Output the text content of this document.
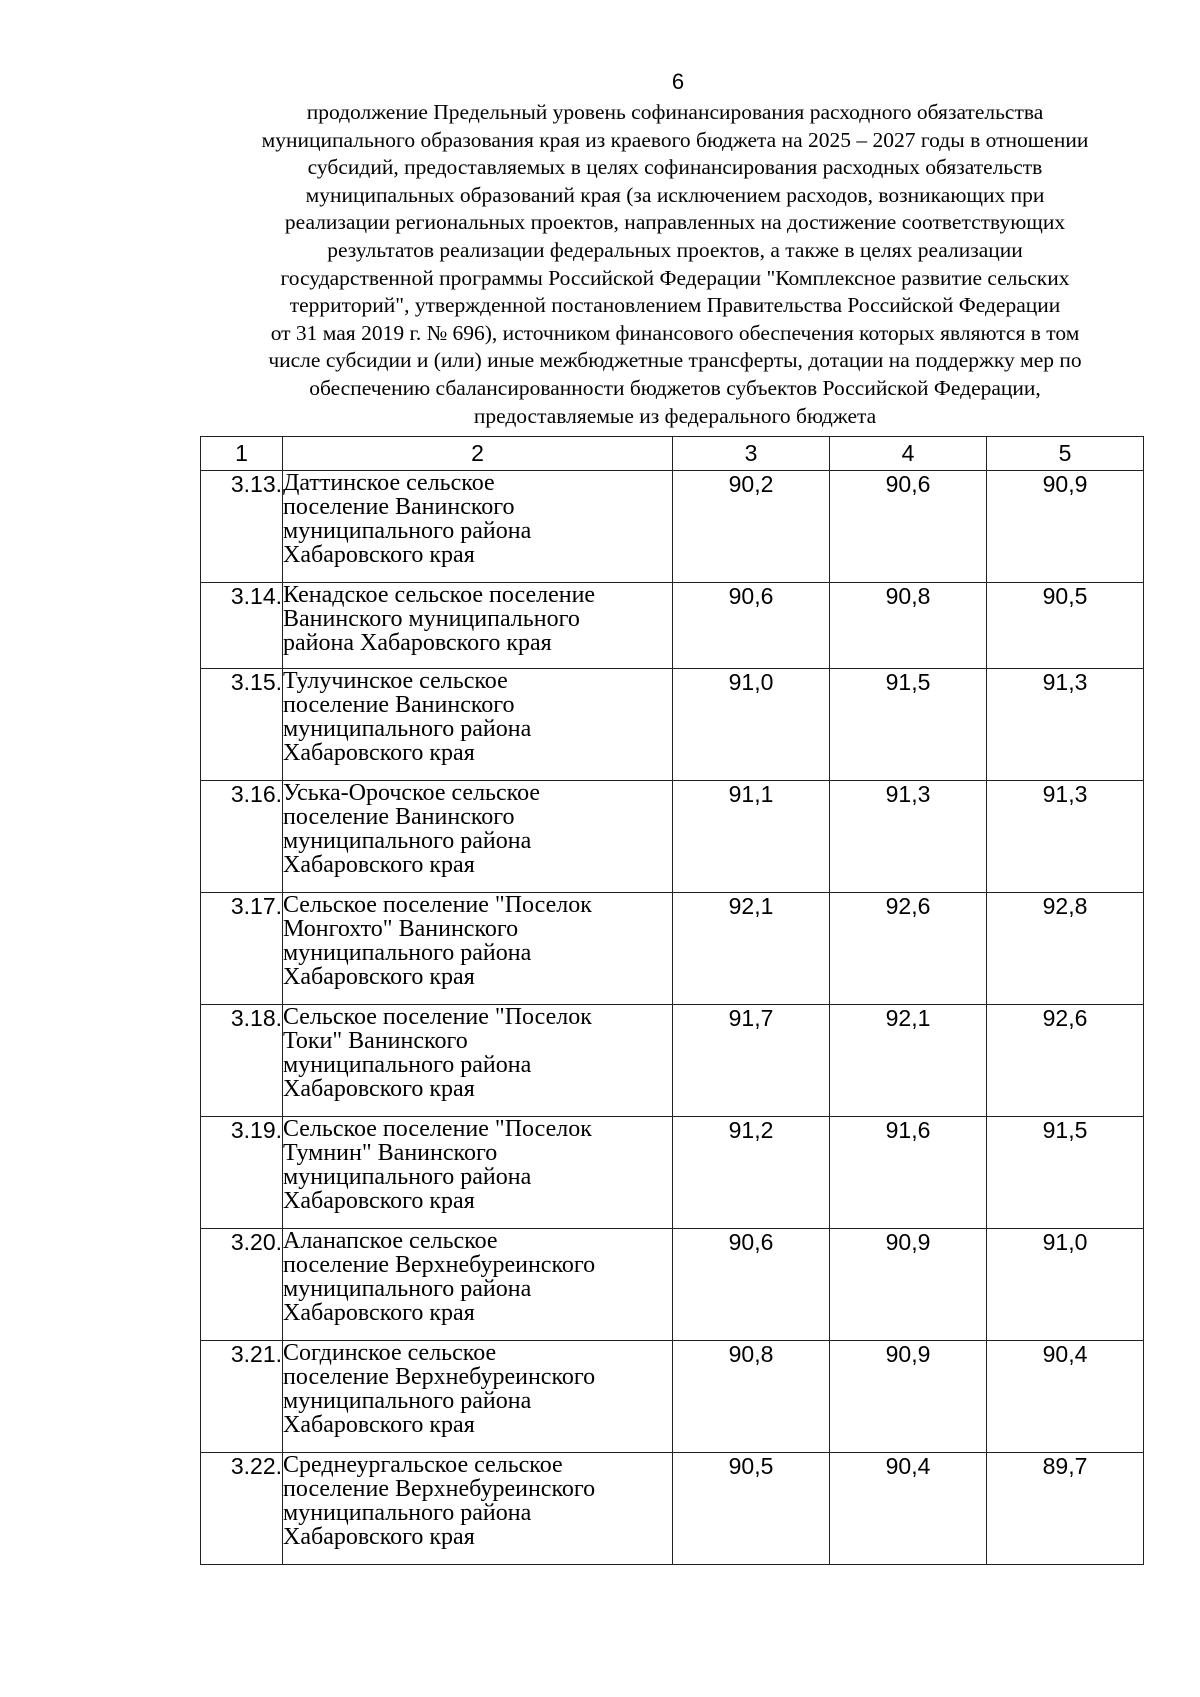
6
продолжение Предельный уровень софинансирования расходного обязательства
муниципального образования края из краевого бюджета на 2025 – 2027 годы в отношении
субсидий, предоставляемых в целях софинансирования расходных обязательств
муниципальных образований края (за исключением расходов, возникающих при
реализации региональных проектов, направленных на достижение соответствующих
результатов реализации федеральных проектов, а также в целях реализации
государственной программы Российской Федерации "Комплексное развитие сельских
территорий", утвержденной постановлением Правительства Российской Федерации
от 31 мая 2019 г. № 696), источником финансового обеспечения которых являются в том
числе субсидии и (или) иные межбюджетные трансферты, дотации на поддержку мер по
обеспечению сбалансированности бюджетов субъектов Российской Федерации,
предоставляемые из федерального бюджета
1	2	3	4	5
3.13.	Даттинское сельское
поселение Ванинского
муниципального района
Хабаровского края	90,2	90,6	90,9
3.14.	Кенадское сельское поселение
Ванинского муниципального
района Хабаровского края	90,6	90,8	90,5
3.15.	Тулучинское сельское
поселение Ванинского
муниципального района
Хабаровского края	91,0	91,5	91,3
3.16.	Уська-Орочское сельское
поселение Ванинского
муниципального района
Хабаровского края	91,1	91,3	91,3
3.17.	Сельское поселение "Поселок
Монгохто" Ванинского
муниципального района
Хабаровского края	92,1	92,6	92,8
3.18.	Сельское поселение "Поселок
Токи" Ванинского
муниципального района
Хабаровского края	91,7	92,1	92,6
3.19.	Сельское поселение "Поселок
Тумнин" Ванинского
муниципального района
Хабаровского края	91,2	91,6	91,5
3.20.	Аланапское сельское
поселение Верхнебуреинского
муниципального района
Хабаровского края	90,6	90,9	91,0
3.21.	Согдинское сельское
поселение Верхнебуреинского
муниципального района
Хабаровского края	90,8	90,9	90,4
3.22.	Среднеургальское сельское
поселение Верхнебуреинского
муниципального района
Хабаровского края	90,5	90,4	89,7
